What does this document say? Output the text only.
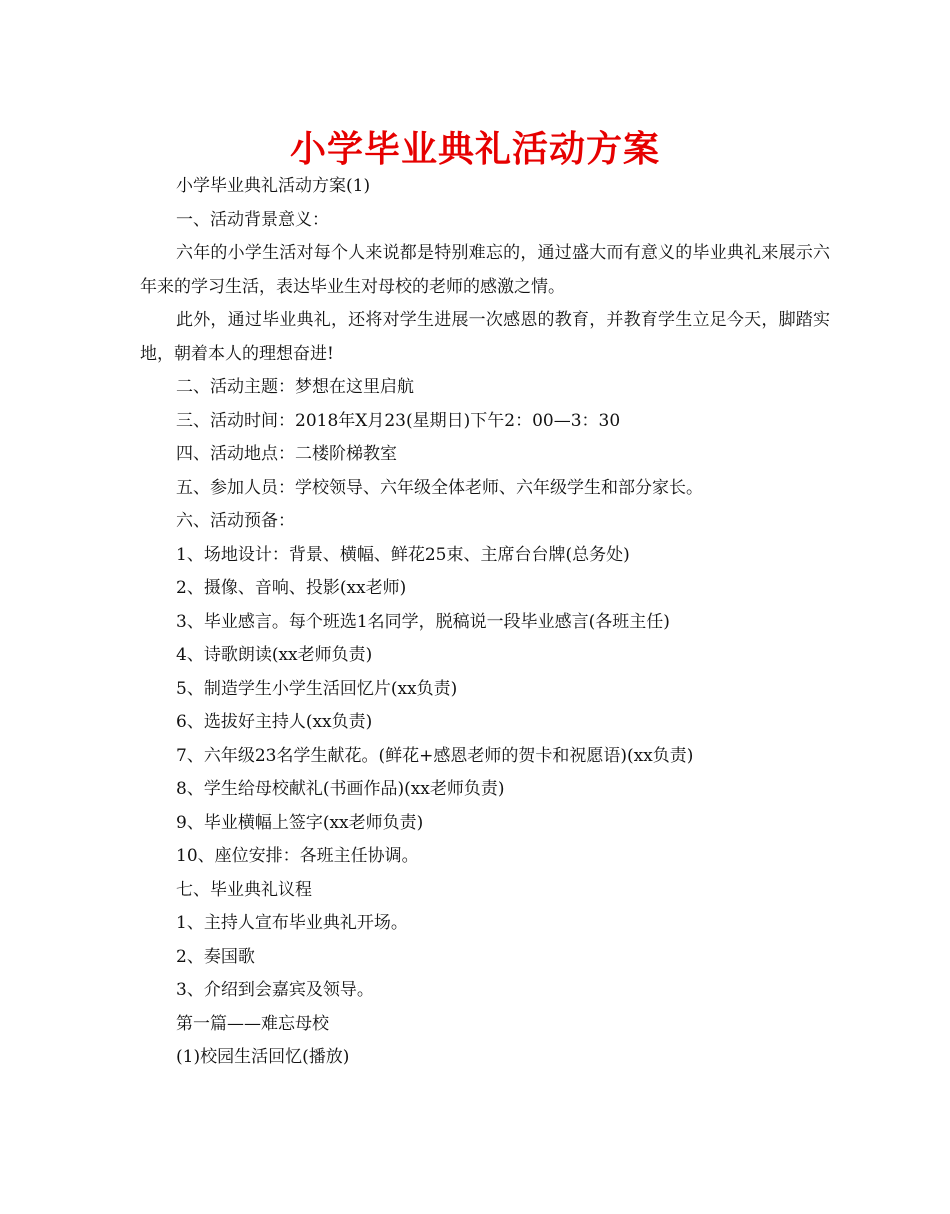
小学毕业典礼活动方案

小学毕业典礼活动方案(1)

一、活动背景意义：

六年的小学生活对每个人来说都是特别难忘的，通过盛大而有意义的毕业典礼来展示六年来的学习生活，表达毕业生对母校的老师的感激之情。

此外，通过毕业典礼，还将对学生进展一次感恩的教育，并教育学生立足今天，脚踏实地，朝着本人的理想奋进!

二、活动主题：梦想在这里启航

三、活动时间：2018年X月23(星期日)下午2：00—3：30

四、活动地点：二楼阶梯教室

五、参加人员：学校领导、六年级全体老师、六年级学生和部分家长。

六、活动预备：

1、场地设计：背景、横幅、鲜花25束、主席台台牌(总务处)

2、摄像、音响、投影(xx老师)

3、毕业感言。每个班选1名同学，脱稿说一段毕业感言(各班主任)

4、诗歌朗读(xx老师负责)

5、制造学生小学生活回忆片(xx负责)

6、选拔好主持人(xx负责)

7、六年级23名学生献花。(鲜花+感恩老师的贺卡和祝愿语)(xx负责)

8、学生给母校献礼(书画作品)(xx老师负责)

9、毕业横幅上签字(xx老师负责)

10、座位安排：各班主任协调。

七、毕业典礼议程

1、主持人宣布毕业典礼开场。

2、奏国歌

3、介绍到会嘉宾及领导。

第一篇——难忘母校

(1)校园生活回忆(播放)
